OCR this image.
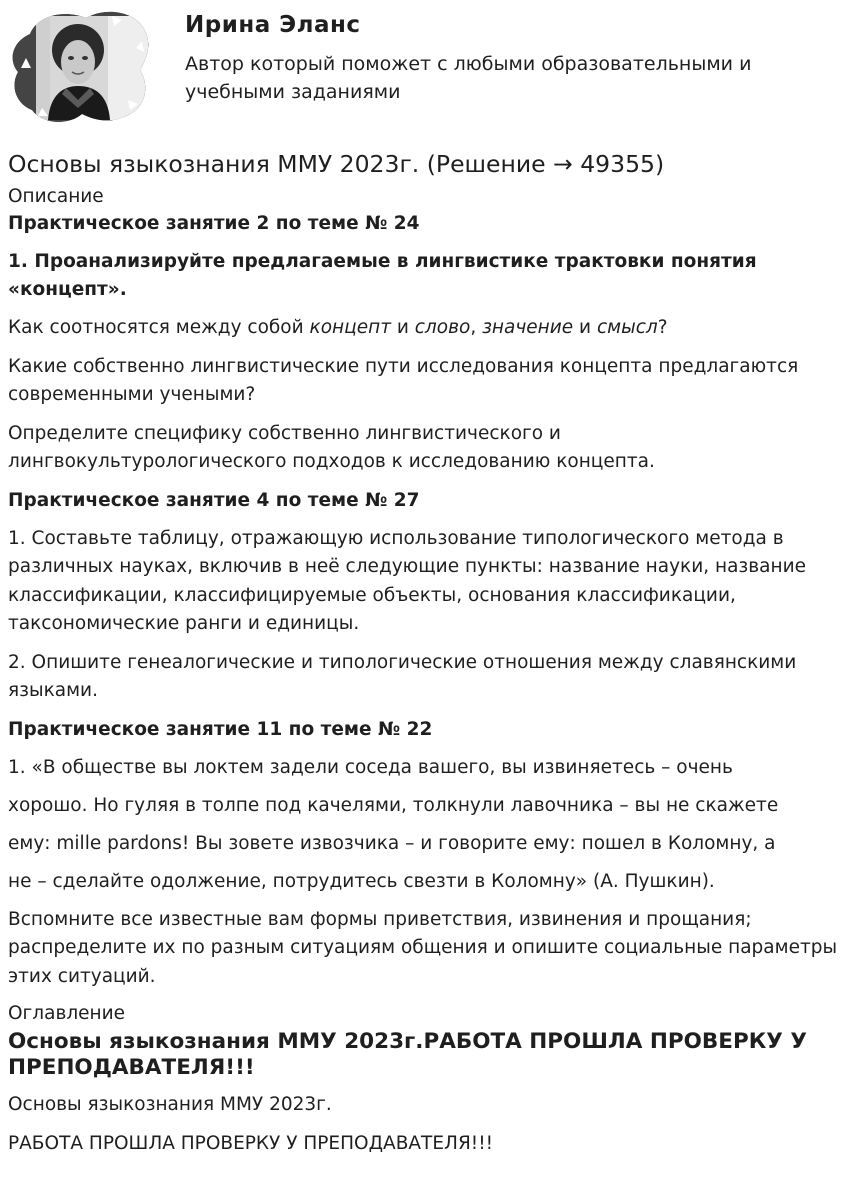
Ирина Эланс

Автор который поможет с любыми образовательными и учебными заданиями

Основы языкознания ММУ 2023г. (Решение → 49355)
Описание
Практическое занятие 2 по теме № 24
1. Проанализируйте предлагаемые в лингвистике трактовки понятия «концепт».

Как соотносятся между собой концепт и слово, значение и смысл?

Какие собственно лингвистические пути исследования концепта предлагаются современными учеными?

Определите специфику собственно лингвистического и лингвокультурологического подходов к исследованию концепта.

Практическое занятие 4 по теме № 27

1. Составьте таблицу, отражающую использование типологического метода в различных науках, включив в неё следующие пункты: название науки, название классификации, классифицируемые объекты, основания классификации, таксономические ранги и единицы.

2. Опишите генеалогические и типологические отношения между славянскими языками.

Практическое занятие 11 по теме № 22

1. «В обществе вы локтем задели соседа вашего, вы извиняетесь – очень

хорошо. Но гуляя в толпе под качелями, толкнули лавочника – вы не скажете

ему: mille pardons! Вы зовете извозчика – и говорите ему: пошел в Коломну, а

не – сделайте одолжение, потрудитесь свезти в Коломну» (А. Пушкин).

Вспомните все известные вам формы приветствия, извинения и прощания; распределите их по разным ситуациям общения и опишите социальные параметры этих ситуаций.

Оглавление
Основы языкознания ММУ 2023г.РАБОТА ПРОШЛА ПРОВЕРКУ У ПРЕПОДАВАТЕЛЯ!!!

Основы языкознания ММУ 2023г.

РАБОТА ПРОШЛА ПРОВЕРКУ У ПРЕПОДАВАТЕЛЯ!!!
